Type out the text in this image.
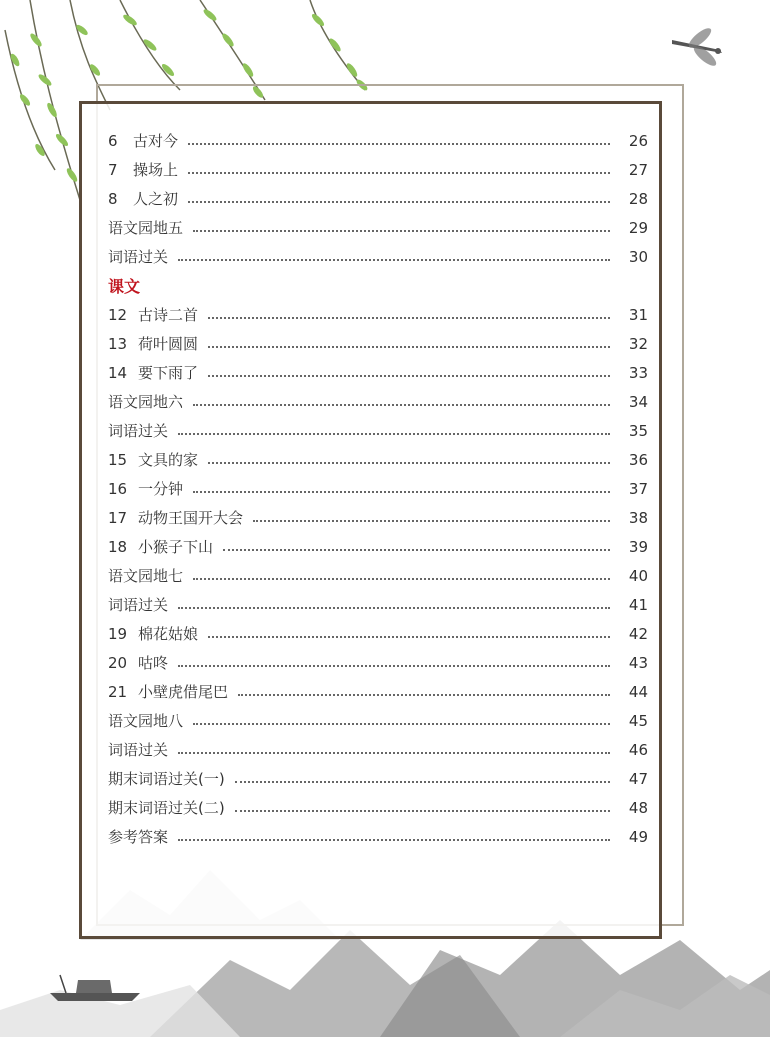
6	古对今	26
7	操场上	27
8	人之初	28
语文园地五	29
词语过关	30
课文
12 古诗二首	31
13 荷叶圆圆	32
14 要下雨了	33
语文园地六	34
词语过关	35
15 文具的家	36
16 一分钟	37
17 动物王国开大会	38
18 小猴子下山	39
语文园地七	40
词语过关	41
19 棉花姑娘	42
20 咕咚	43
21 小壁虎借尾巴	44
语文园地八	45
词语过关	46
期末词语过关(一)	47
期末词语过关(二)	48
参考答案	49
